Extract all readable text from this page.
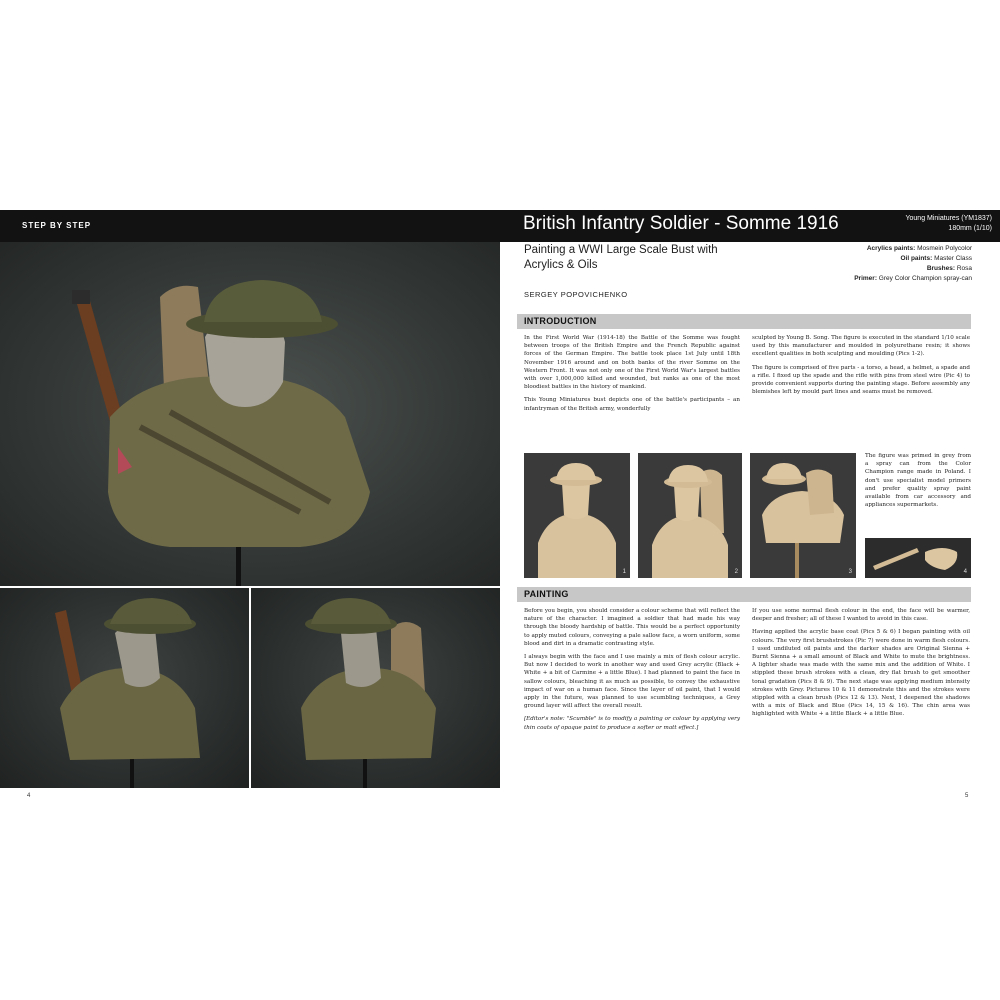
STEP BY STEP	British Infantry Soldier - Somme 1916	Young Miniatures (YM1837)
180mm (1/10)
4	5
Painting a WWI Large Scale Bust with Acrylics & Oils
SERGEY POPOVICHENKO
Acrylics paints: Mosmein Polycolor
Oil paints: Master Class
Brushes: Rosa
Primer: Grey Color Champion spray-can
INTRODUCTION

In the First World War (1914-18) the Battle of the Somme was fought between troops of the British Empire and the French Republic against forces of the German Empire. The battle took place 1st July until 18th November 1916 around and on both banks of the river Somme on the Western Front. It was not only one of the First World War's largest battles with over 1,000,000 killed and wounded, but ranks as one of the most bloodiest battles in the history of mankind.

This Young Miniatures bust depicts one of the battle's participants – an infantryman of the British army, wonderfully

sculpted by Young B. Song. The figure is executed in the standard 1/10 scale used by this manufacturer and moulded in polyurethane resin; it shows excellent qualities in both sculpting and moulding (Pics 1-2).

The figure is comprised of five parts - a torso, a head, a helmet, a spade and a rifle. I fixed up the spade and the rifle with pins from steel wire (Pic 4) to provide convenient supports during the painting stage. Before assembly any blemishes left by mould part lines and seams must be removed.

1	2	3

The figure was primed in grey from a spray can from the Color Champion range made in Poland. I don't use specialist model primers and prefer quality spray paint available from car accessory and appliances supermarkets.

4
PAINTING

Before you begin, you should consider a colour scheme that will reflect the nature of the character. I imagined a soldier that had made his way through the bloody hardship of battle. This would be a perfect opportunity to apply muted colours, conveying a pale sallow face, a worn uniform, some blood and dirt in a dramatic contrasting style.

I always begin with the face and I use mainly a mix of flesh colour acrylic. But now I decided to work in another way and used Grey acrylic (Black + White + a bit of Carmine + a little Blue). I had planned to paint the face in sallow colours, bleaching it as much as possible, to convey the exhaustive impact of war on a human face. Since the layer of oil paint, that I would apply in the future, was planned to use scumbling techniques, a Grey ground layer will affect the overall result.

[Editor's note: "Scumble" is to modify a painting or colour by applying very thin coats of opaque paint to produce a softer or matt effect.]

If you use some normal flesh colour in the end, the face will be warmer, deeper and fresher; all of these I wanted to avoid in this case.

Having applied the acrylic base coat (Pics 5 & 6) I began painting with oil colours. The very first brushstrokes (Pic 7) were done in warm flesh colours. I used undiluted oil paints and the darker shades are Original Sienna + Burnt Sienna + a small amount of Black and White to mute the brightness. A lighter shade was made with the same mix and the addition of White. I stippled these brush strokes with a clean, dry flat brush to get smoother tonal gradation (Pics 8 & 9). The next stage was applying medium intensity strokes with Grey. Pictures 10 & 11 demonstrate this and the strokes were stippled with a clean brush (Pics 12 & 13). Next, I deepened the shadows with a mix of Black and Blue (Pics 14, 15 & 16). The chin area was highlighted with White + a little Black + a little Blue.
